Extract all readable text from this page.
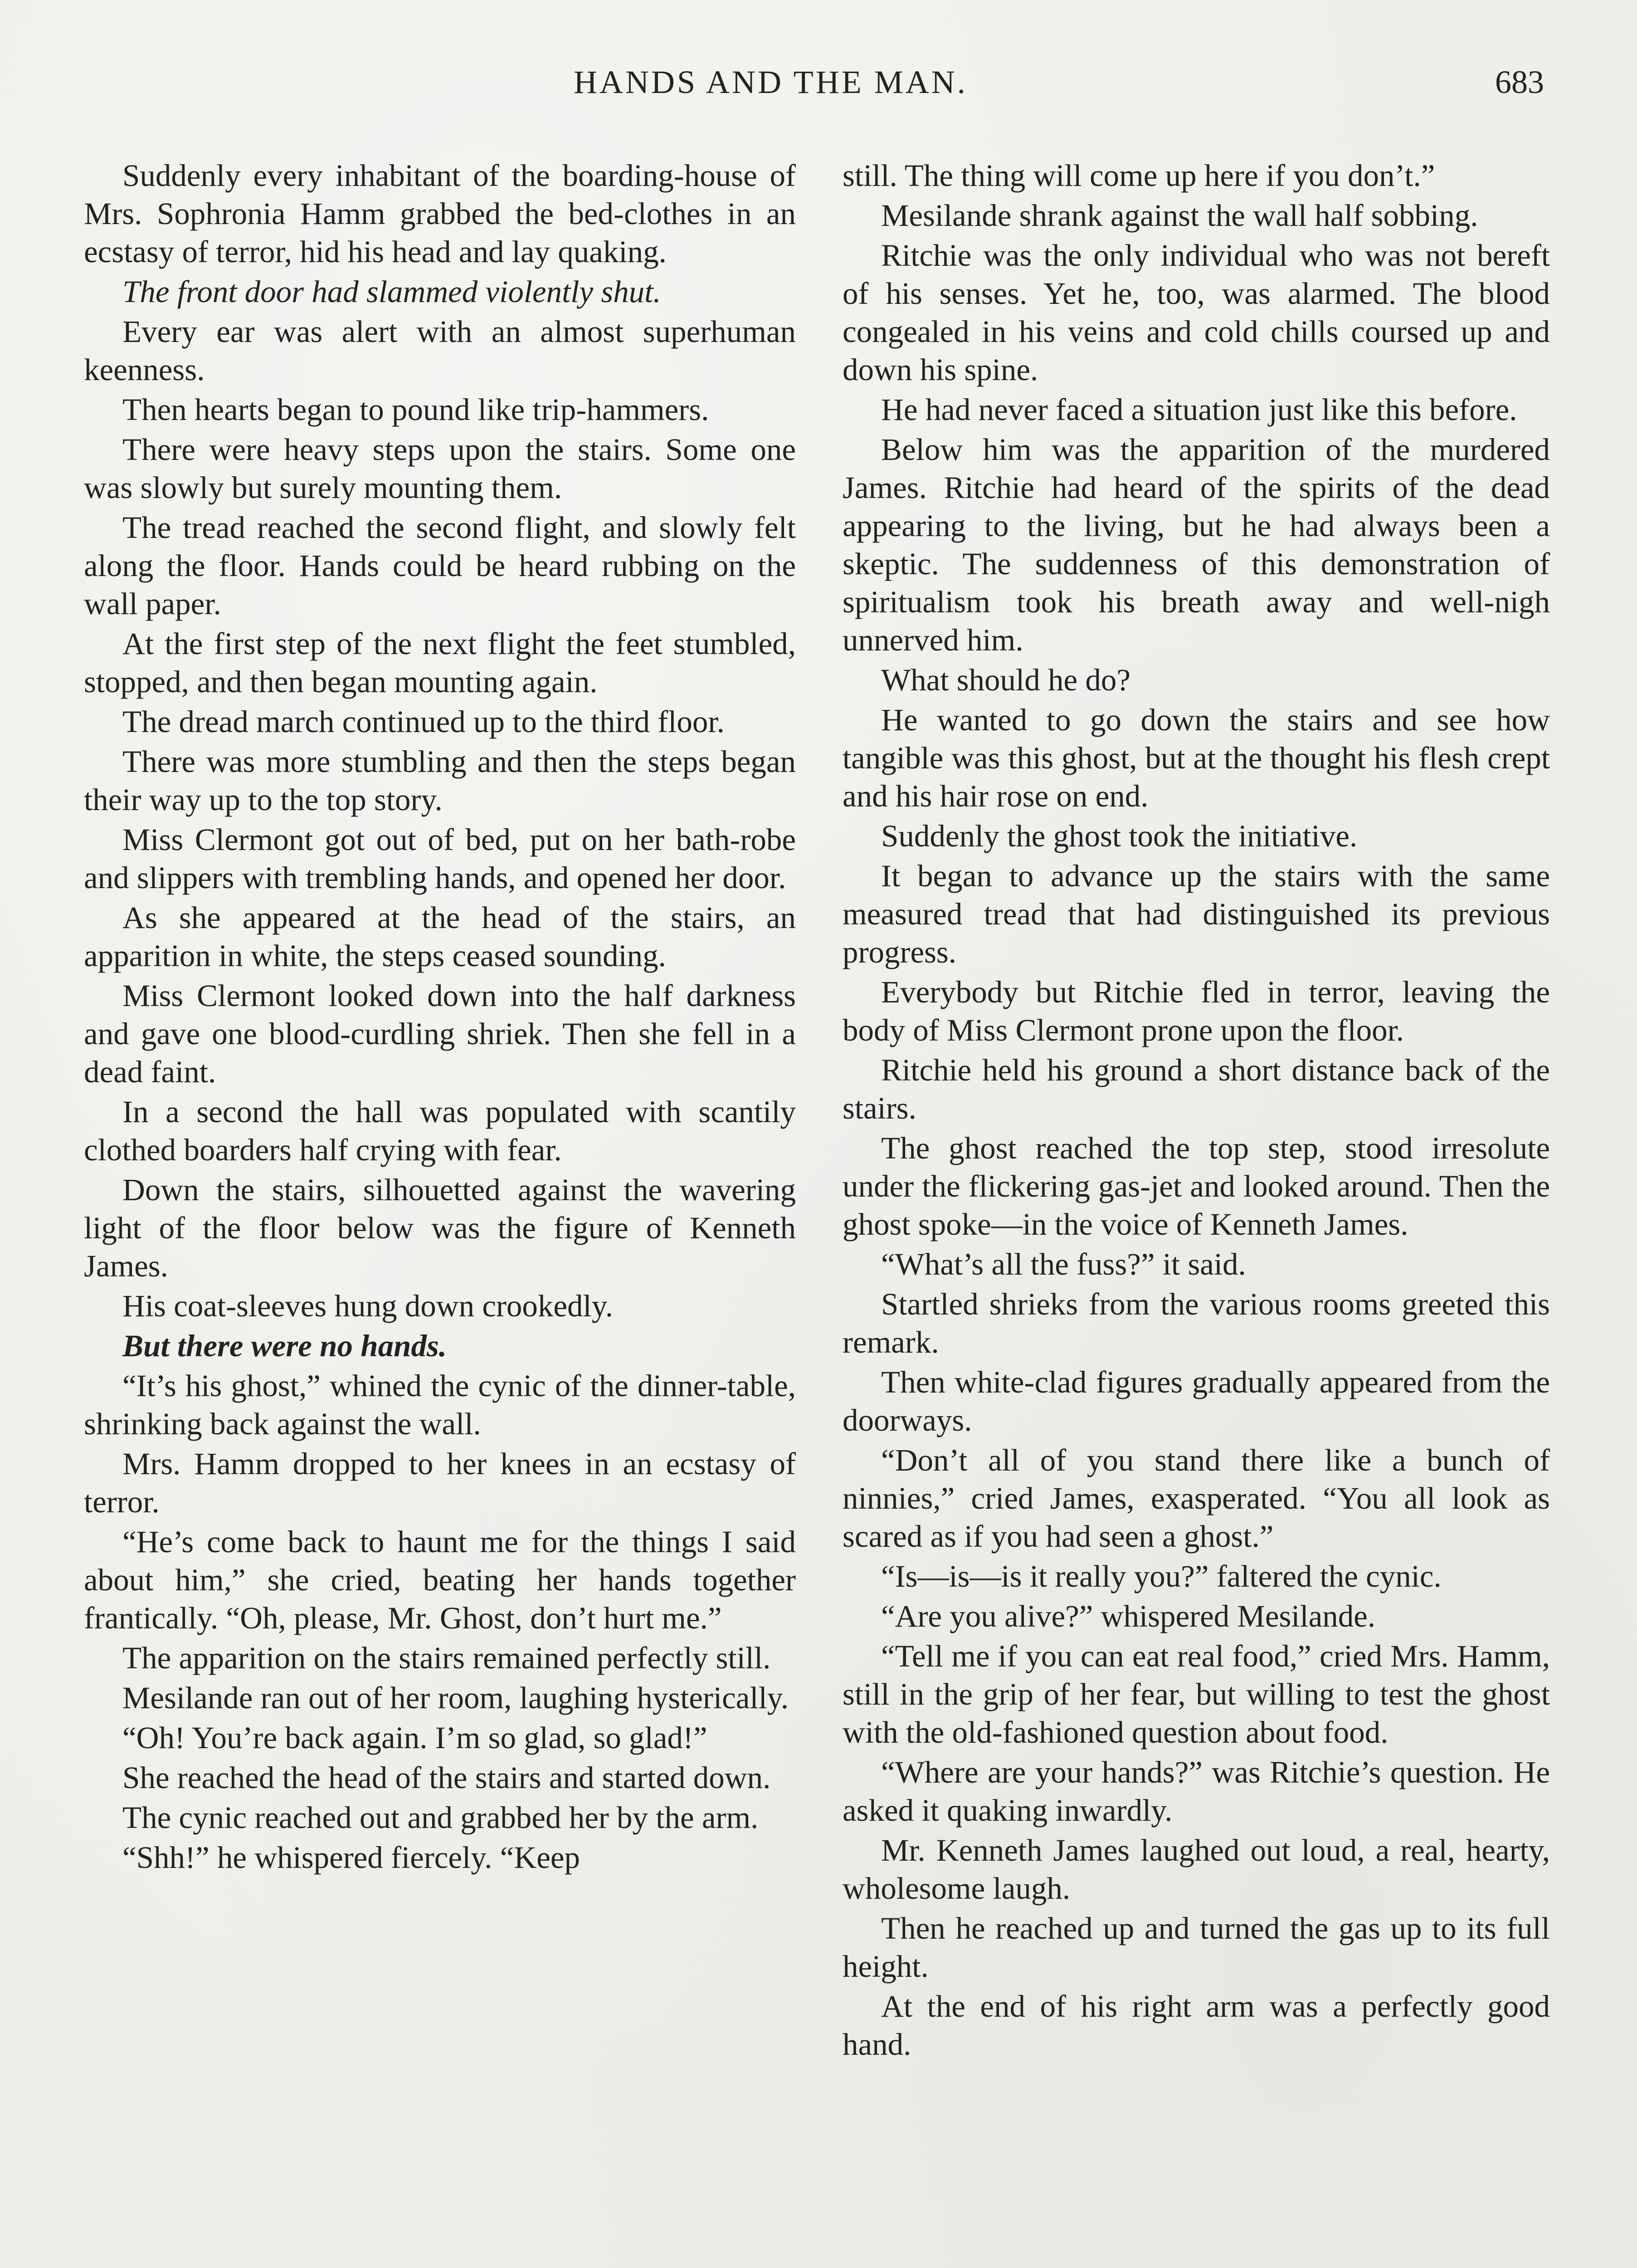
HANDS AND THE MAN.	683

Suddenly every inhabitant of the boarding-house of Mrs. Sophronia Hamm grabbed the bed-clothes in an ecstasy of terror, hid his head and lay quaking.

The front door had slammed violently shut.

Every ear was alert with an almost superhuman keenness.

Then hearts began to pound like trip-hammers.

There were heavy steps upon the stairs. Some one was slowly but surely mounting them.

The tread reached the second flight, and slowly felt along the floor. Hands could be heard rubbing on the wall paper.

At the first step of the next flight the feet stumbled, stopped, and then began mounting again.

The dread march continued up to the third floor.

There was more stumbling and then the steps began their way up to the top story.

Miss Clermont got out of bed, put on her bath-robe and slippers with trembling hands, and opened her door.

As she appeared at the head of the stairs, an apparition in white, the steps ceased sounding.

Miss Clermont looked down into the half darkness and gave one blood-curdling shriek. Then she fell in a dead faint.

In a second the hall was populated with scantily clothed boarders half crying with fear.

Down the stairs, silhouetted against the wavering light of the floor below was the figure of Kenneth James.

His coat-sleeves hung down crookedly.

But there were no hands.

“It’s his ghost,” whined the cynic of the dinner-table, shrinking back against the wall.

Mrs. Hamm dropped to her knees in an ecstasy of terror.

“He’s come back to haunt me for the things I said about him,” she cried, beating her hands together frantically. “Oh, please, Mr. Ghost, don’t hurt me.”

The apparition on the stairs remained perfectly still.

Mesilande ran out of her room, laughing hysterically.

“Oh! You’re back again. I’m so glad, so glad!”

She reached the head of the stairs and started down.

The cynic reached out and grabbed her by the arm.

“Shh!” he whispered fiercely. “Keep

still. The thing will come up here if you don’t.”

Mesilande shrank against the wall half sobbing.

Ritchie was the only individual who was not bereft of his senses. Yet he, too, was alarmed. The blood congealed in his veins and cold chills coursed up and down his spine.

He had never faced a situation just like this before.

Below him was the apparition of the murdered James. Ritchie had heard of the spirits of the dead appearing to the living, but he had always been a skeptic. The suddenness of this demonstration of spiritualism took his breath away and well-nigh unnerved him.

What should he do?

He wanted to go down the stairs and see how tangible was this ghost, but at the thought his flesh crept and his hair rose on end.

Suddenly the ghost took the initiative.

It began to advance up the stairs with the same measured tread that had distinguished its previous progress.

Everybody but Ritchie fled in terror, leaving the body of Miss Clermont prone upon the floor.

Ritchie held his ground a short distance back of the stairs.

The ghost reached the top step, stood irresolute under the flickering gas-jet and looked around. Then the ghost spoke—in the voice of Kenneth James.

“What’s all the fuss?” it said.

Startled shrieks from the various rooms greeted this remark.

Then white-clad figures gradually appeared from the doorways.

“Don’t all of you stand there like a bunch of ninnies,” cried James, exasperated. “You all look as scared as if you had seen a ghost.”

“Is—is—is it really you?” faltered the cynic.

“Are you alive?” whispered Mesilande.

“Tell me if you can eat real food,” cried Mrs. Hamm, still in the grip of her fear, but willing to test the ghost with the old-fashioned question about food.

“Where are your hands?” was Ritchie’s question. He asked it quaking inwardly.

Mr. Kenneth James laughed out loud, a real, hearty, wholesome laugh.

Then he reached up and turned the gas up to its full height.

At the end of his right arm was a perfectly good hand.
